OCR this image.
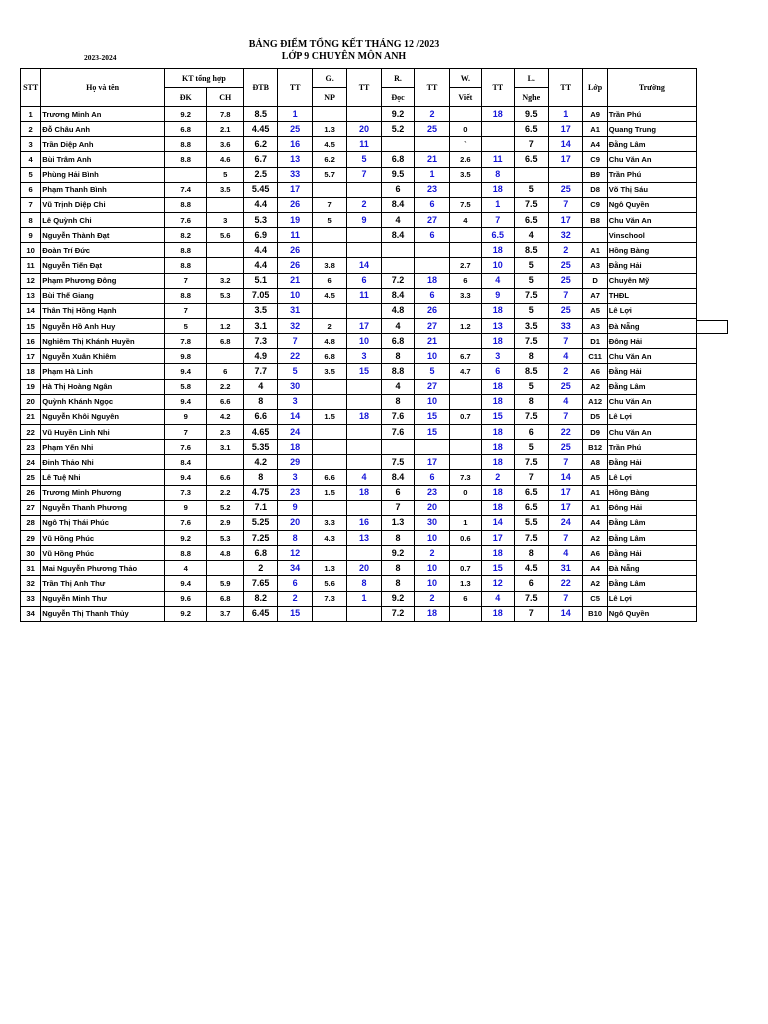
BẢNG ĐIỂM TỔNG KẾT THÁNG 12 /2023
LỚP 9 CHUYÊN MÔN ANH
2023-2024
STT	Họ và tên	KT tổng hợp		ĐTB	TT	G.	TT	R.	TT	W.	TT	L.	TT	Lớp	Trường
		ĐK	CH			NP		Đọc		Viết		Nghe			
1	Trương Minh An	9.2	7.8	8.5	1			9.2	2		18	9.5	1	A9	Trần Phú
2	Đỗ Châu Anh	6.8	2.1	4.45	25	1.3	20	5.2	25	0		6.5	17	A1	Quang Trung
3	Trần Diệp Anh	8.8	3.6	6.2	16	4.5	11			`		7	14	A4	Đằng Lâm
4	Bùi Trâm Anh	8.8	4.6	6.7	13	6.2	5	6.8	21	2.6	11	6.5	17	C9	Chu Văn An
5	Phùng Hải Bình		5	2.5	33	5.7	7	9.5	1	3.5	8			B9	Trần Phú
6	Phạm Thanh Bình	7.4	3.5	5.45	17			6	23		18	5	25	D8	Võ Thị Sáu
7	Vũ Trịnh Diệp Chi	8.8		4.4	26	7	2	8.4	6	7.5	1	7.5	7	C9	Ngô Quyền
8	Lê Quỳnh Chi	7.6	3	5.3	19	5	9	4	27	4	7	6.5	17	B8	Chu Văn An
9	Nguyễn Thành Đạt	8.2	5.6	6.9	11			8.4	6		6.5	4	32		Vinschool
10	Đoàn Trí Đức	8.8		4.4	26						18	8.5	2	A1	Hồng Bàng
11	Nguyễn Tiến Đạt	8.8		4.4	26	3.8	14			2.7	10	5	25	A3	Đằng Hải
12	Phạm Phương Đông	7	3.2	5.1	21	6	6	7.2	18	6	4	5	25	D	Chuyên Mỹ
13	Bùi Thế Giang	8.8	5.3	7.05	10	4.5	11	8.4	6	3.3	9	7.5	7	A7	THĐL
14	Thân Thị Hồng Hạnh	7		3.5	31			4.8	26		18	5	25	A5	Lê Lợi
15	Nguyễn Hồ Anh Huy	5	1.2	3.1	32	2	17	4	27	1.2	13	3.5	33	A3	Đà Nẵng
16	Nghiêm Thị Khánh Huyền	7.8	6.8	7.3	7	4.8	10	6.8	21		18	7.5	7	D1	Đông Hải
17	Nguyễn Xuân Khiêm	9.8		4.9	22	6.8	3	8	10	6.7	3	8	4	C11	Chu Văn An
18	Phạm Hà Linh	9.4	6	7.7	5	3.5	15	8.8	5	4.7	6	8.5	2	A6	Đằng Hải
19	Hà Thị Hoàng Ngân	5.8	2.2	4	30			4	27		18	5	25	A2	Đằng Lâm
20	Quỳnh Khánh Ngọc	9.4	6.6	8	3			8	10		18	8	4	A12	Chu Văn An
21	Nguyễn Khôi Nguyên	9	4.2	6.6	14	1.5	18	7.6	15	0.7	15	7.5	7	D5	Lê Lợi
22	Vũ Huyền Linh Nhi	7	2.3	4.65	24			7.6	15		18	6	22	D9	Chu Văn An
23	Phạm Yến Nhi	7.6	3.1	5.35	18						18	5	25	B12	Trần Phú
24	Đinh Thảo Nhi	8.4		4.2	29			7.5	17		18	7.5	7	A8	Đằng Hải
25	Lê Tuệ Nhi	9.4	6.6	8	3	6.6	4	8.4	6	7.3	2	7	14	A5	Lê Lợi
26	Trương Minh Phương	7.3	2.2	4.75	23	1.5	18	6	23	0	18	6.5	17	A1	Hồng Bàng
27	Nguyễn Thanh Phương	9	5.2	7.1	9			7	20		18	6.5	17	A1	Đông Hải
28	Ngô Thị Thái Phúc	7.6	2.9	5.25	20	3.3	16	1.3	30	1	14	5.5	24	A4	Đằng Lâm
29	Vũ Hồng Phúc	9.2	5.3	7.25	8	4.3	13	8	10	0.6	17	7.5	7	A2	Đằng Lâm
30	Vũ Hồng Phúc	8.8	4.8	6.8	12			9.2	2		18	8	4	A6	Đằng Hải
31	Mai Nguyễn Phương Thảo	4		2	34	1.3	20	8	10	0.7	15	4.5	31	A4	Đà Nẵng
32	Trần Thị Anh Thư	9.4	5.9	7.65	6	5.6	8	8	10	1.3	12	6	22	A2	Đằng Lâm
33	Nguyễn Minh Thư	9.6	6.8	8.2	2	7.3	1	9.2	2	6	4	7.5	7	C5	Lê Lợi
34	Nguyễn Thị Thanh Thủy	9.2	3.7	6.45	15			7.2	18		18	7	14	B10	Ngô Quyền
